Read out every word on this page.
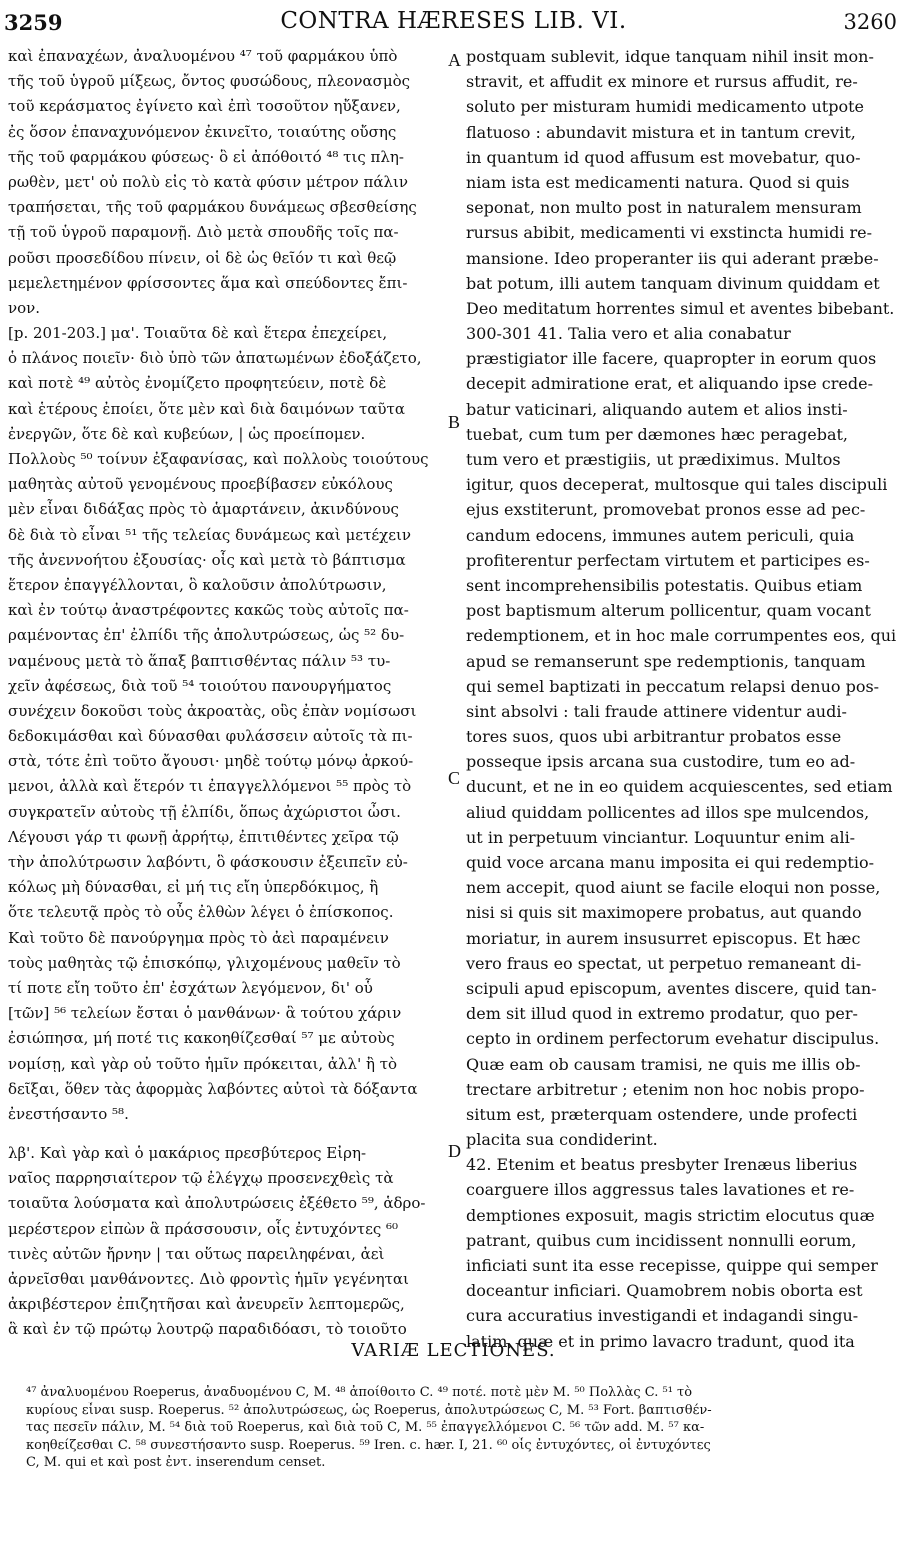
3259	CONTRA HÆRESES LIB. VI.	3260
A
B
C
D
καὶ ἐπαναχέων, ἀναλυομένου ⁴⁷ τοῦ φαρμάκου ὑπὸ
τῆς τοῦ ὑγροῦ μίξεως, ὄντος φυσώδους, πλεονασμὸς
τοῦ κεράσματος ἐγίνετο καὶ ἐπὶ τοσοῦτον ηὔξανεν,
ἐς ὅσον ἐπαναχυνόμενον ἐκινεῖτο, τοιαύτης οὔσης
τῆς τοῦ φαρμάκου φύσεως· ὃ εἰ ἀπόθοιτό ⁴⁸ τις πλη-
ρωθὲν, μετ' οὐ πολὺ εἰς τὸ κατὰ φύσιν μέτρον πάλιν
τραπήσεται, τῆς τοῦ φαρμάκου δυνάμεως σβεσθείσης
τῇ τοῦ ὑγροῦ παραμονῇ. Διὸ μετὰ σπουδῆς τοῖς πα-
ροῦσι προσεδίδου πίνειν, οἱ δὲ ὡς θεῖόν τι καὶ θεῷ
μεμελετημένον φρίσσοντες ἅμα καὶ σπεύδοντες ἔπι-
νον.
[p. 201-203.] μα'. Τοιαῦτα δὲ καὶ ἕτερα ἐπεχείρει,
ὁ πλάνος ποιεῖν· διὸ ὑπὸ τῶν ἀπατωμένων ἐδοξάζετο,
καὶ ποτὲ ⁴⁹ αὐτὸς ἐνομίζετο προφητεύειν, ποτὲ δὲ
καὶ ἑτέρους ἐποίει, ὅτε μὲν καὶ διὰ δαιμόνων ταῦτα
ἐνεργῶν, ὅτε δὲ καὶ κυβεύων, | ὡς προείπομεν.
Πολλοὺς ⁵⁰ τοίνυν ἐξαφανίσας, καὶ πολλοὺς τοιούτους
μαθητὰς αὐτοῦ γενομένους προεβίβασεν εὐκόλους
μὲν εἶναι διδάξας πρὸς τὸ ἁμαρτάνειν, ἀκινδύνους
δὲ διὰ τὸ εἶναι ⁵¹ τῆς τελείας δυνάμεως καὶ μετέχειν
τῆς ἀνεννοήτου ἐξουσίας· οἷς καὶ μετὰ τὸ βάπτισμα
ἕτερον ἐπαγγέλλονται, ὃ καλοῦσιν ἀπολύτρωσιν,
καὶ ἐν τούτῳ ἀναστρέφοντες κακῶς τοὺς αὐτοῖς πα-
ραμένοντας ἐπ' ἐλπίδι τῆς ἀπολυτρώσεως, ὡς ⁵² δυ-
ναμένους μετὰ τὸ ἅπαξ βαπτισθέντας πάλιν ⁵³ τυ-
χεῖν ἀφέσεως, διὰ τοῦ ⁵⁴ τοιούτου πανουργήματος
συνέχειν δοκοῦσι τοὺς ἀκροατὰς, οὓς ἐπὰν νομίσωσι
δεδοκιμάσθαι καὶ δύνασθαι φυλάσσειν αὐτοῖς τὰ πι-
στὰ, τότε ἐπὶ τοῦτο ἄγουσι· μηδὲ τούτῳ μόνῳ ἀρκού-
μενοι, ἀλλὰ καὶ ἕτερόν τι ἐπαγγελλόμενοι ⁵⁵ πρὸς τὸ
συγκρατεῖν αὐτοὺς τῇ ἐλπίδι, ὅπως ἀχώριστοι ὦσι.
Λέγουσι γάρ τι φωνῇ ἀρρήτῳ, ἐπιτιθέντες χεῖρα τῷ
τὴν ἀπολύτρωσιν λαβόντι, ὃ φάσκουσιν ἐξειπεῖν εὐ-
κόλως μὴ δύνασθαι, εἰ μή τις εἴη ὑπερδόκιμος, ἢ
ὅτε τελευτᾷ πρὸς τὸ οὖς ἐλθὼν λέγει ὁ ἐπίσκοπος.
Καὶ τοῦτο δὲ πανούργημα πρὸς τὸ ἀεὶ παραμένειν
τοὺς μαθητὰς τῷ ἐπισκόπῳ, γλιχομένους μαθεῖν τὸ
τί ποτε εἴη τοῦτο ἐπ' ἐσχάτων λεγόμενον, δι' οὗ
[τῶν] ⁵⁶ τελείων ἔσται ὁ μανθάνων· ἃ τούτου χάριν
ἐσιώπησα, μή ποτέ τις κακοηθίζεσθαί ⁵⁷ με αὐτοὺς
νομίσῃ, καὶ γὰρ οὐ τοῦτο ἡμῖν πρόκειται, ἀλλ' ἢ τὸ
δεῖξαι, ὅθεν τὰς ἀφορμὰς λαβόντες αὐτοὶ τὰ δόξαντα
ἐνεστήσαντο ⁵⁸.
λβ'. Καὶ γὰρ καὶ ὁ μακάριος πρεσβύτερος Εἰρη-
ναῖος παρρησιαίτερον τῷ ἐλέγχῳ προσενεχθεὶς τὰ
τοιαῦτα λούσματα καὶ ἀπολυτρώσεις ἐξέθετο ⁵⁹, ἁδρο-
μερέστερον εἰπὼν ἃ πράσσουσιν, οἷς ἐντυχόντες ⁶⁰
τινὲς αὐτῶν ἤρνην | ται οὕτως παρειληφέναι, ἀεὶ
ἀρνεῖσθαι μανθάνοντες. Διὸ φροντὶς ἡμῖν γεγένηται
ἀκριβέστερον ἐπιζητῆσαι καὶ ἀνευρεῖν λεπτομερῶς,
ἃ καὶ ἐν τῷ πρώτῳ λουτρῷ παραδιδόασι, τὸ τοιοῦτο
postquam sublevit, idque tanquam nihil insit mon-
stravit, et affudit ex minore et rursus affudit, re-
soluto per misturam humidi medicamento utpote
flatuoso : abundavit mistura et in tantum crevit,
in quantum id quod affusum est movebatur, quo-
niam ista est medicamenti natura. Quod si quis
seponat, non multo post in naturalem mensuram
rursus abibit, medicamenti vi exstincta humidi re-
mansione. Ideo properanter iis qui aderant præbe-
bat potum, illi autem tanquam divinum quiddam et
Deo meditatum horrentes simul et aventes bibebant.
300-301 41. Talia vero et alia conabatur
præstigiator ille facere, quapropter in eorum quos
decepit admiratione erat, et aliquando ipse crede-
batur vaticinari, aliquando autem et alios insti-
tuebat, cum tum per dæmones hæc peragebat,
tum vero et præstigiis, ut prædiximus. Multos
igitur, quos deceperat, multosque qui tales discipuli
ejus exstiterunt, promovebat pronos esse ad pec-
candum edocens, immunes autem periculi, quia
profiterentur perfectam virtutem et participes es-
sent incomprehensibilis potestatis. Quibus etiam
post baptismum alterum pollicentur, quam vocant
redemptionem, et in hoc male corrumpentes eos, qui
apud se remanserunt spe redemptionis, tanquam
qui semel baptizati in peccatum relapsi denuo pos-
sint absolvi : tali fraude attinere videntur audi-
tores suos, quos ubi arbitrantur probatos esse
posseque ipsis arcana sua custodire, tum eo ad-
ducunt, et ne in eo quidem acquiescentes, sed etiam
aliud quiddam pollicentes ad illos spe mulcendos,
ut in perpetuum vinciantur. Loquuntur enim ali-
quid voce arcana manu imposita ei qui redemptio-
nem accepit, quod aiunt se facile eloqui non posse,
nisi si quis sit maximopere probatus, aut quando
moriatur, in aurem insusurret episcopus. Et hæc
vero fraus eo spectat, ut perpetuo remaneant di-
scipuli apud episcopum, aventes discere, quid tan-
dem sit illud quod in extremo prodatur, quo per-
cepto in ordinem perfectorum evehatur discipulus.
Quæ eam ob causam tramisi, ne quis me illis ob-
trectare arbitretur ; etenim non hoc nobis propo-
situm est, præterquam ostendere, unde profecti
placita sua condiderint.
42. Etenim et beatus presbyter Irenæus liberius
coarguere illos aggressus tales lavationes et re-
demptiones exposuit, magis strictim elocutus quæ
patrant, quibus cum incidissent nonnulli eorum,
inficiati sunt ita esse recepisse, quippe qui semper
doceantur inficiari. Quamobrem nobis oborta est
cura accuratius investigandi et indagandi singu-
latim, quæ et in primo lavacro tradunt, quod ita
VARIÆ LECTIONES.
⁴⁷ ἀναλυομένου Roeperus, ἀναδυομένου C, M. ⁴⁸ ἀποίθοιτο C. ⁴⁹ ποτέ. ποτὲ μὲν M. ⁵⁰ Πολλὰς C. ⁵¹ τὸ
κυρίους εἶναι susp. Roeperus. ⁵² ἀπολυτρώσεως, ὡς Roeperus, ἀπολυτρώσεως C, M. ⁵³ Fort. βαπτισθέν-
τας πεσεῖν πάλιν, M. ⁵⁴ διὰ τοῦ Roeperus, καὶ διὰ τοῦ C, M. ⁵⁵ ἐπαγγελλόμενοι C. ⁵⁶ τῶν add. M. ⁵⁷ κα-
κοηθείζεσθαι C. ⁵⁸ συνεστήσαντο susp. Roeperus. ⁵⁹ Iren. c. hær. I, 21. ⁶⁰ οἷς ἐντυχόντες, οἱ ἐντυχόντες
C, M. qui et καὶ post ἐντ. inserendum censet.
